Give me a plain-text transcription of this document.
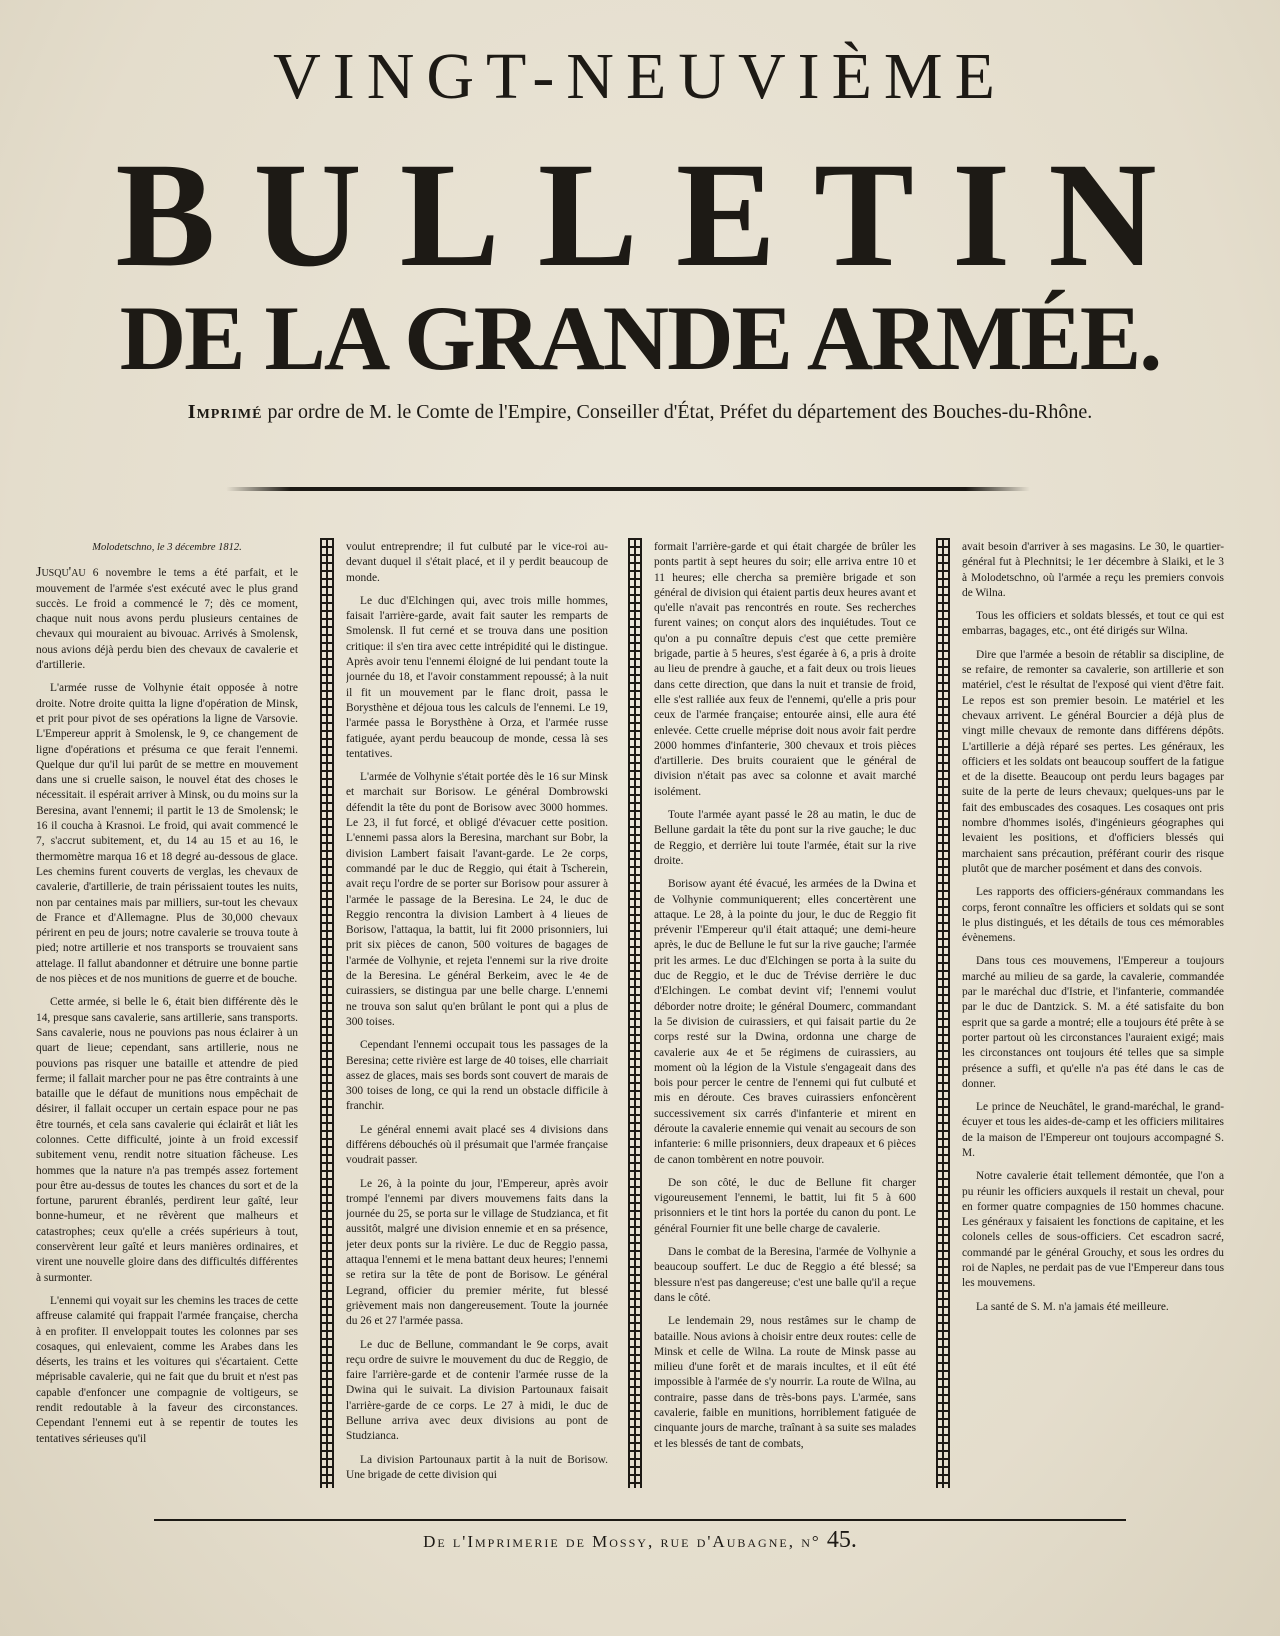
VINGT-NEUVIÈME
BULLETIN
DE LA GRANDE ARMÉE.
Imprimé par ordre de M. le Comte de l'Empire, Conseiller d'État, Préfet du département des Bouches-du-Rhône.

Molodetschno, le 3 décembre 1812.

Jusqu'au 6 novembre le tems a été parfait, et le mouvement de l'armée s'est exécuté avec le plus grand succès. Le froid a commencé le 7; dès ce moment, chaque nuit nous avons perdu plusieurs centaines de chevaux qui mouraient au bivouac. Arrivés à Smolensk, nous avions déjà perdu bien des chevaux de cavalerie et d'artillerie.

L'armée russe de Volhynie était opposée à notre droite. Notre droite quitta la ligne d'opération de Minsk, et prit pour pivot de ses opérations la ligne de Varsovie. L'Empereur apprit à Smolensk, le 9, ce changement de ligne d'opérations et présuma ce que ferait l'ennemi. Quelque dur qu'il lui parût de se mettre en mouvement dans une si cruelle saison, le nouvel état des choses le nécessitait. il espérait arriver à Minsk, ou du moins sur la Beresina, avant l'ennemi; il partit le 13 de Smolensk; le 16 il coucha à Krasnoi. Le froid, qui avait commencé le 7, s'accrut subitement, et, du 14 au 15 et au 16, le thermomètre marqua 16 et 18 degré au-dessous de glace. Les chemins furent couverts de verglas, les chevaux de cavalerie, d'artillerie, de train périssaient toutes les nuits, non par centaines mais par milliers, sur-tout les chevaux de France et d'Allemagne. Plus de 30,000 chevaux périrent en peu de jours; notre cavalerie se trouva toute à pied; notre artillerie et nos transports se trouvaient sans attelage. Il fallut abandonner et détruire une bonne partie de nos pièces et de nos munitions de guerre et de bouche.

Cette armée, si belle le 6, était bien différente dès le 14, presque sans cavalerie, sans artillerie, sans transports. Sans cavalerie, nous ne pouvions pas nous éclairer à un quart de lieue; cependant, sans artillerie, nous ne pouvions pas risquer une bataille et attendre de pied ferme; il fallait marcher pour ne pas être contraints à une bataille que le défaut de munitions nous empêchait de désirer, il fallait occuper un certain espace pour ne pas être tournés, et cela sans cavalerie qui éclairât et liât les colonnes. Cette difficulté, jointe à un froid excessif subitement venu, rendit notre situation fâcheuse. Les hommes que la nature n'a pas trempés assez fortement pour être au-dessus de toutes les chances du sort et de la fortune, parurent ébranlés, perdirent leur gaîté, leur bonne-humeur, et ne rêvèrent que malheurs et catastrophes; ceux qu'elle a créés supérieurs à tout, conservèrent leur gaîté et leurs manières ordinaires, et virent une nouvelle gloire dans des difficultés différentes à surmonter.

L'ennemi qui voyait sur les chemins les traces de cette affreuse calamité qui frappait l'armée française, chercha à en profiter. Il enveloppait toutes les colonnes par ses cosaques, qui enlevaient, comme les Arabes dans les déserts, les trains et les voitures qui s'écartaient. Cette méprisable cavalerie, qui ne fait que du bruit et n'est pas capable d'enfoncer une compagnie de voltigeurs, se rendit redoutable à la faveur des circonstances. Cependant l'ennemi eut à se repentir de toutes les tentatives sérieuses qu'il

voulut entreprendre; il fut culbuté par le vice-roi au-devant duquel il s'était placé, et il y perdit beaucoup de monde.

Le duc d'Elchingen qui, avec trois mille hommes, faisait l'arrière-garde, avait fait sauter les remparts de Smolensk. Il fut cerné et se trouva dans une position critique: il s'en tira avec cette intrépidité qui le distingue. Après avoir tenu l'ennemi éloigné de lui pendant toute la journée du 18, et l'avoir constamment repoussé; à la nuit il fit un mouvement par le flanc droit, passa le Borysthène et déjoua tous les calculs de l'ennemi. Le 19, l'armée passa le Borysthène à Orza, et l'armée russe fatiguée, ayant perdu beaucoup de monde, cessa là ses tentatives.

L'armée de Volhynie s'était portée dès le 16 sur Minsk et marchait sur Borisow. Le général Dombrowski défendit la tête du pont de Borisow avec 3000 hommes. Le 23, il fut forcé, et obligé d'évacuer cette position. L'ennemi passa alors la Beresina, marchant sur Bobr, la division Lambert faisait l'avant-garde. Le 2e corps, commandé par le duc de Reggio, qui était à Tscherein, avait reçu l'ordre de se porter sur Borisow pour assurer à l'armée le passage de la Beresina. Le 24, le duc de Reggio rencontra la division Lambert à 4 lieues de Borisow, l'attaqua, la battit, lui fit 2000 prisonniers, lui prit six pièces de canon, 500 voitures de bagages de l'armée de Volhynie, et rejeta l'ennemi sur la rive droite de la Beresina. Le général Berkeim, avec le 4e de cuirassiers, se distingua par une belle charge. L'ennemi ne trouva son salut qu'en brûlant le pont qui a plus de 300 toises.

Cependant l'ennemi occupait tous les passages de la Beresina; cette rivière est large de 40 toises, elle charriait assez de glaces, mais ses bords sont couvert de marais de 300 toises de long, ce qui la rend un obstacle difficile à franchir.

Le général ennemi avait placé ses 4 divisions dans différens débouchés où il présumait que l'armée française voudrait passer.

Le 26, à la pointe du jour, l'Empereur, après avoir trompé l'ennemi par divers mouvemens faits dans la journée du 25, se porta sur le village de Studzianca, et fit aussitôt, malgré une division ennemie et en sa présence, jeter deux ponts sur la rivière. Le duc de Reggio passa, attaqua l'ennemi et le mena battant deux heures; l'ennemi se retira sur la tête de pont de Borisow. Le général Legrand, officier du premier mérite, fut blessé grièvement mais non dangereusement. Toute la journée du 26 et 27 l'armée passa.

Le duc de Bellune, commandant le 9e corps, avait reçu ordre de suivre le mouvement du duc de Reggio, de faire l'arrière-garde et de contenir l'armée russe de la Dwina qui le suivait. La division Partounaux faisait l'arrière-garde de ce corps. Le 27 à midi, le duc de Bellune arriva avec deux divisions au pont de Studzianca.

La division Partounaux partit à la nuit de Borisow. Une brigade de cette division qui

formait l'arrière-garde et qui était chargée de brûler les ponts partit à sept heures du soir; elle arriva entre 10 et 11 heures; elle chercha sa première brigade et son général de division qui étaient partis deux heures avant et qu'elle n'avait pas rencontrés en route. Ses recherches furent vaines; on conçut alors des inquiétudes. Tout ce qu'on a pu connaître depuis c'est que cette première brigade, partie à 5 heures, s'est égarée à 6, a pris à droite au lieu de prendre à gauche, et a fait deux ou trois lieues dans cette direction, que dans la nuit et transie de froid, elle s'est ralliée aux feux de l'ennemi, qu'elle a pris pour ceux de l'armée française; entourée ainsi, elle aura été enlevée. Cette cruelle méprise doit nous avoir fait perdre 2000 hommes d'infanterie, 300 chevaux et trois pièces d'artillerie. Des bruits couraient que le général de division n'était pas avec sa colonne et avait marché isolément.

Toute l'armée ayant passé le 28 au matin, le duc de Bellune gardait la tête du pont sur la rive gauche; le duc de Reggio, et derrière lui toute l'armée, était sur la rive droite.

Borisow ayant été évacué, les armées de la Dwina et de Volhynie communiquerent; elles concertèrent une attaque. Le 28, à la pointe du jour, le duc de Reggio fit prévenir l'Empereur qu'il était attaqué; une demi-heure après, le duc de Bellune le fut sur la rive gauche; l'armée prit les armes. Le duc d'Elchingen se porta à la suite du duc de Reggio, et le duc de Trévise derrière le duc d'Elchingen. Le combat devint vif; l'ennemi voulut déborder notre droite; le général Doumerc, commandant la 5e division de cuirassiers, et qui faisait partie du 2e corps resté sur la Dwina, ordonna une charge de cavalerie aux 4e et 5e régimens de cuirassiers, au moment où la légion de la Vistule s'engageait dans des bois pour percer le centre de l'ennemi qui fut culbuté et mis en déroute. Ces braves cuirassiers enfoncèrent successivement six carrés d'infanterie et mirent en déroute la cavalerie ennemie qui venait au secours de son infanterie: 6 mille prisonniers, deux drapeaux et 6 pièces de canon tombèrent en notre pouvoir.

De son côté, le duc de Bellune fit charger vigoureusement l'ennemi, le battit, lui fit 5 à 600 prisonniers et le tint hors la portée du canon du pont. Le général Fournier fit une belle charge de cavalerie.

Dans le combat de la Beresina, l'armée de Volhynie a beaucoup souffert. Le duc de Reggio a été blessé; sa blessure n'est pas dangereuse; c'est une balle qu'il a reçue dans le côté.

Le lendemain 29, nous restâmes sur le champ de bataille. Nous avions à choisir entre deux routes: celle de Minsk et celle de Wilna. La route de Minsk passe au milieu d'une forêt et de marais incultes, et il eût été impossible à l'armée de s'y nourrir. La route de Wilna, au contraire, passe dans de très-bons pays. L'armée, sans cavalerie, faible en munitions, horriblement fatiguée de cinquante jours de marche, traînant à sa suite ses malades et les blessés de tant de combats,

avait besoin d'arriver à ses magasins. Le 30, le quartier-général fut à Plechnitsi; le 1er décembre à Slaiki, et le 3 à Molodetschno, où l'armée a reçu les premiers convois de Wilna.

Tous les officiers et soldats blessés, et tout ce qui est embarras, bagages, etc., ont été dirigés sur Wilna.

Dire que l'armée a besoin de rétablir sa discipline, de se refaire, de remonter sa cavalerie, son artillerie et son matériel, c'est le résultat de l'exposé qui vient d'être fait. Le repos est son premier besoin. Le matériel et les chevaux arrivent. Le général Bourcier a déjà plus de vingt mille chevaux de remonte dans différens dépôts. L'artillerie a déjà réparé ses pertes. Les généraux, les officiers et les soldats ont beaucoup souffert de la fatigue et de la disette. Beaucoup ont perdu leurs bagages par suite de la perte de leurs chevaux; quelques-uns par le fait des embuscades des cosaques. Les cosaques ont pris nombre d'hommes isolés, d'ingénieurs géographes qui levaient les positions, et d'officiers blessés qui marchaient sans précaution, préférant courir des risque plutôt que de marcher posément et dans des convois.

Les rapports des officiers-généraux commandans les corps, feront connaître les officiers et soldats qui se sont le plus distingués, et les détails de tous ces mémorables évènemens.

Dans tous ces mouvemens, l'Empereur a toujours marché au milieu de sa garde, la cavalerie, commandée par le maréchal duc d'Istrie, et l'infanterie, commandée par le duc de Dantzick. S. M. a été satisfaite du bon esprit que sa garde a montré; elle a toujours été prête à se porter partout où les circonstances l'auraient exigé; mais les circonstances ont toujours été telles que sa simple présence a suffi, et qu'elle n'a pas été dans le cas de donner.

Le prince de Neuchâtel, le grand-maréchal, le grand-écuyer et tous les aides-de-camp et les officiers militaires de la maison de l'Empereur ont toujours accompagné S. M.

Notre cavalerie était tellement démontée, que l'on a pu réunir les officiers auxquels il restait un cheval, pour en former quatre compagnies de 150 hommes chacune. Les généraux y faisaient les fonctions de capitaine, et les colonels celles de sous-officiers. Cet escadron sacré, commandé par le général Grouchy, et sous les ordres du roi de Naples, ne perdait pas de vue l'Empereur dans tous les mouvemens.

La santé de S. M. n'a jamais été meilleure.

De l'Imprimerie de Mossy, rue d'Aubagne, n° 45.
